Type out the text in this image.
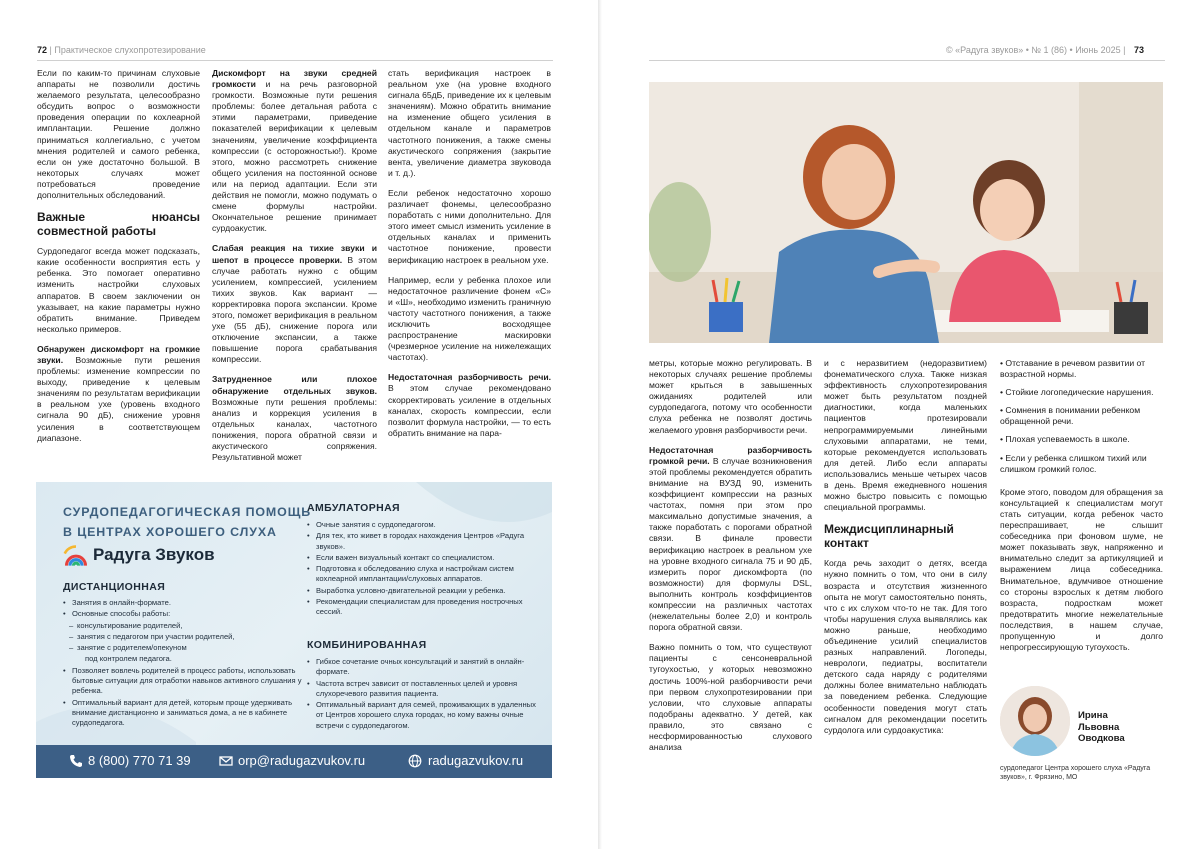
72 | Практическое слухопротезирование	© «Радуга звуков» • № 1 (86) • Июнь 2025 | 73

Если по каким-то причинам слуховые аппараты не позволили достичь желаемого результата, целесообразно обсудить вопрос о возможности проведения операции по кохлеарной имплантации. Решение должно приниматься коллегиально, с учетом мнения родителей и самого ребенка, если он уже достаточно большой. В некоторых случаях может потребоваться проведение дополнительных обследований.

Важные нюансы совместной работы

Сурдопедагог всегда может подсказать, какие особенности восприятия есть у ребенка. Это помогает оперативно изменить настройки слуховых аппаратов. В своем заключении он указывает, на какие параметры нужно обратить внимание. Приведем несколько примеров.

Обнаружен дискомфорт на громкие звуки. Возможные пути решения проблемы: изменение компрессии по выходу, приведение к целевым значениям по результатам верификации в реальном ухе (уровень входного сигнала 90 дБ), снижение уровня усиления в соответствующем диапазоне.

Дискомфорт на звуки средней громкости и на речь разговорной громкости. Возможные пути решения проблемы: более детальная работа с этими параметрами, приведение показателей верификации к целевым значениям, увеличение коэффициента компрессии (с осторожностью!). Кроме этого, можно рассмотреть снижение общего усиления на постоянной основе или на период адаптации. Если эти действия не помогли, можно подумать о смене формулы настройки. Окончательное решение принимает сурдоакустик.

Слабая реакция на тихие звуки и шепот в процессе проверки. В этом случае работать нужно с общим усилением, компрессией, усилением тихих звуков. Как вариант — корректировка порога экспансии. Кроме этого, поможет верификация в реальном ухе (55 дБ), снижение порога или отключение экспансии, а также повышение порога срабатывания компрессии.

Затрудненное или плохое обнаружение отдельных звуков. Возможные пути решения проблемы: анализ и коррекция усиления в отдельных каналах, частотного понижения, порога обратной связи и акустического сопряжения. Результативной может

стать верификация настроек в реальном ухе (на уровне входного сигнала 65дБ, приведение их к целевым значениям). Можно обратить внимание на изменение общего усиления в отдельном канале и параметров частотного понижения, а также смены акустического сопряжения (закрытие вента, увеличение диаметра звуковода и т. д.).

Если ребенок недостаточно хорошо различает фонемы, целесообразно поработать с ними дополнительно. Для этого имеет смысл изменить усиление в отдельных каналах и применить частотное понижение, провести верификацию настроек в реальном ухе.

Например, если у ребенка плохое или недостаточное различение фонем «С» и «Ш», необходимо изменить граничную частоту частотного понижения, а также исключить восходящее распространение маскировки (чрезмерное усиление на нижележащих частотах).

Недостаточная разборчивость речи. В этом случае рекомендовано скорректировать усиление в отдельных каналах, скорость компрессии, если позволит формула настройки, — то есть обратить внимание на пара-

СУРДОПЕДАГОГИЧЕСКАЯ ПОМОЩЬ
В ЦЕНТРАХ ХОРОШЕГО СЛУХА
Радуга Звуков
ДИСТАНЦИОННАЯ
• Занятия в онлайн-формате.
• Основные способы работы:
– консультирование родителей,
– занятия с педагогом при участии родителей,
– занятие с родителем/опекуном
под контролем педагога.
• Позволяет вовлечь родителей в процесс работы, использовать бытовые ситуации для отработки навыков активного слушания у ребенка.
• Оптимальный вариант для детей, которым проще удерживать внимание дистанционно и заниматься дома, а не в кабинете сурдопедагога.
АМБУЛАТОРНАЯ
• Очные занятия с сурдопедагогом.
• Для тех, кто живет в городах нахождения Центров «Радуга звуков».
• Если важен визуальный контакт со специалистом.
• Подготовка к обследованию слуха и настройкам систем кохлеарной имплантации/слуховых аппаратов.
• Выработка условно-двигательной реакции у ребенка.
• Рекомендации специалистам для проведения нострочных сессий.
КОМБИНИРОВАННАЯ
• Гибкое сочетание очных консультаций и занятий в онлайн-формате.
• Частота встреч зависит от поставленных целей и уровня слухоречевого развития пациента.
• Оптимальный вариант для семей, проживающих в удаленных от Центров хорошего слуха городах, но кому важны очные встречи с сурдопедагогом.
8 (800) 770 71 39	orp@radugazvukov.ru	radugazvukov.ru

метры, которые можно регулировать. В некоторых случаях решение проблемы может крыться в завышенных ожиданиях родителей или сурдопедагога, потому что особенности слуха ребенка не позволят достичь желаемого уровня разборчивости речи.

Недостаточная разборчивость громкой речи. В случае возникновения этой проблемы рекомендуется обратить внимание на ВУЗД 90, изменить коэффициент компрессии на разных частотах, помня при этом про максимально допустимые значения, а также поработать с порогами обратной связи. В финале провести верификацию настроек в реальном ухе на уровне входного сигнала 75 и 90 дБ, измерить порог дискомфорта (по возможности) для формулы DSL, выполнить контроль коэффициентов компрессии на различных частотах (нежелательны более 2,0) и контроль порога обратной связи.

Важно помнить о том, что существуют пациенты с сенсоневральной тугоухостью, у которых невозможно достичь 100%-ной разборчивости речи при первом слухопротезировании при условии, что слуховые аппараты подобраны адекватно. У детей, как правило, это связано с несформированностью слухового анализа

и с неразвитием (недоразвитием) фонематического слуха. Также низкая эффективность слухопротезирования может быть результатом поздней диагностики, когда маленьких пациентов протезировали непрограммируемыми линейными слуховыми аппаратами, не теми, которые рекомендуется использовать для детей. Либо если аппараты использовались меньше четырех часов в день. Время ежедневного ношения можно быстро повысить с помощью специальной программы.

Междисциплинарный контакт

Когда речь заходит о детях, всегда нужно помнить о том, что они в силу возраста и отсутствия жизненного опыта не могут самостоятельно понять, что с их слухом что-то не так. Для того чтобы нарушения слуха выявлялись как можно раньше, необходимо объединение усилий специалистов разных направлений. Логопеды, неврологи, педиатры, воспитатели детского сада наряду с родителями должны более внимательно наблюдать за поведением ребенка. Следующие особенности поведения могут стать сигналом для рекомендации посетить сурдолога или сурдоакустика:

• Отставание в речевом развитии от возрастной нормы.
• Стойкие логопедические нарушения.
• Сомнения в понимании ребенком обращенной речи.
• Плохая успеваемость в школе.
• Если у ребенка слишком тихий или слишком громкий голос.

Кроме этого, поводом для обращения за консультацией к специалистам могут стать ситуации, когда ребенок часто переспрашивает, не слышит собеседника при фоновом шуме, не может показывать звук, напряженно и внимательно следит за артикуляцией и выражением лица собеседника. Внимательное, вдумчивое отношение со стороны взрослых к детям любого возраста, подросткам может предотвратить многие нежелательные последствия, в нашем случае, пропущенную и долго непрогрессирующую тугоухость.

Ирина
Львовна
Оводкова
сурдопедагог Центра хорошего слуха «Радуга звуков», г. Фрязино, МО
